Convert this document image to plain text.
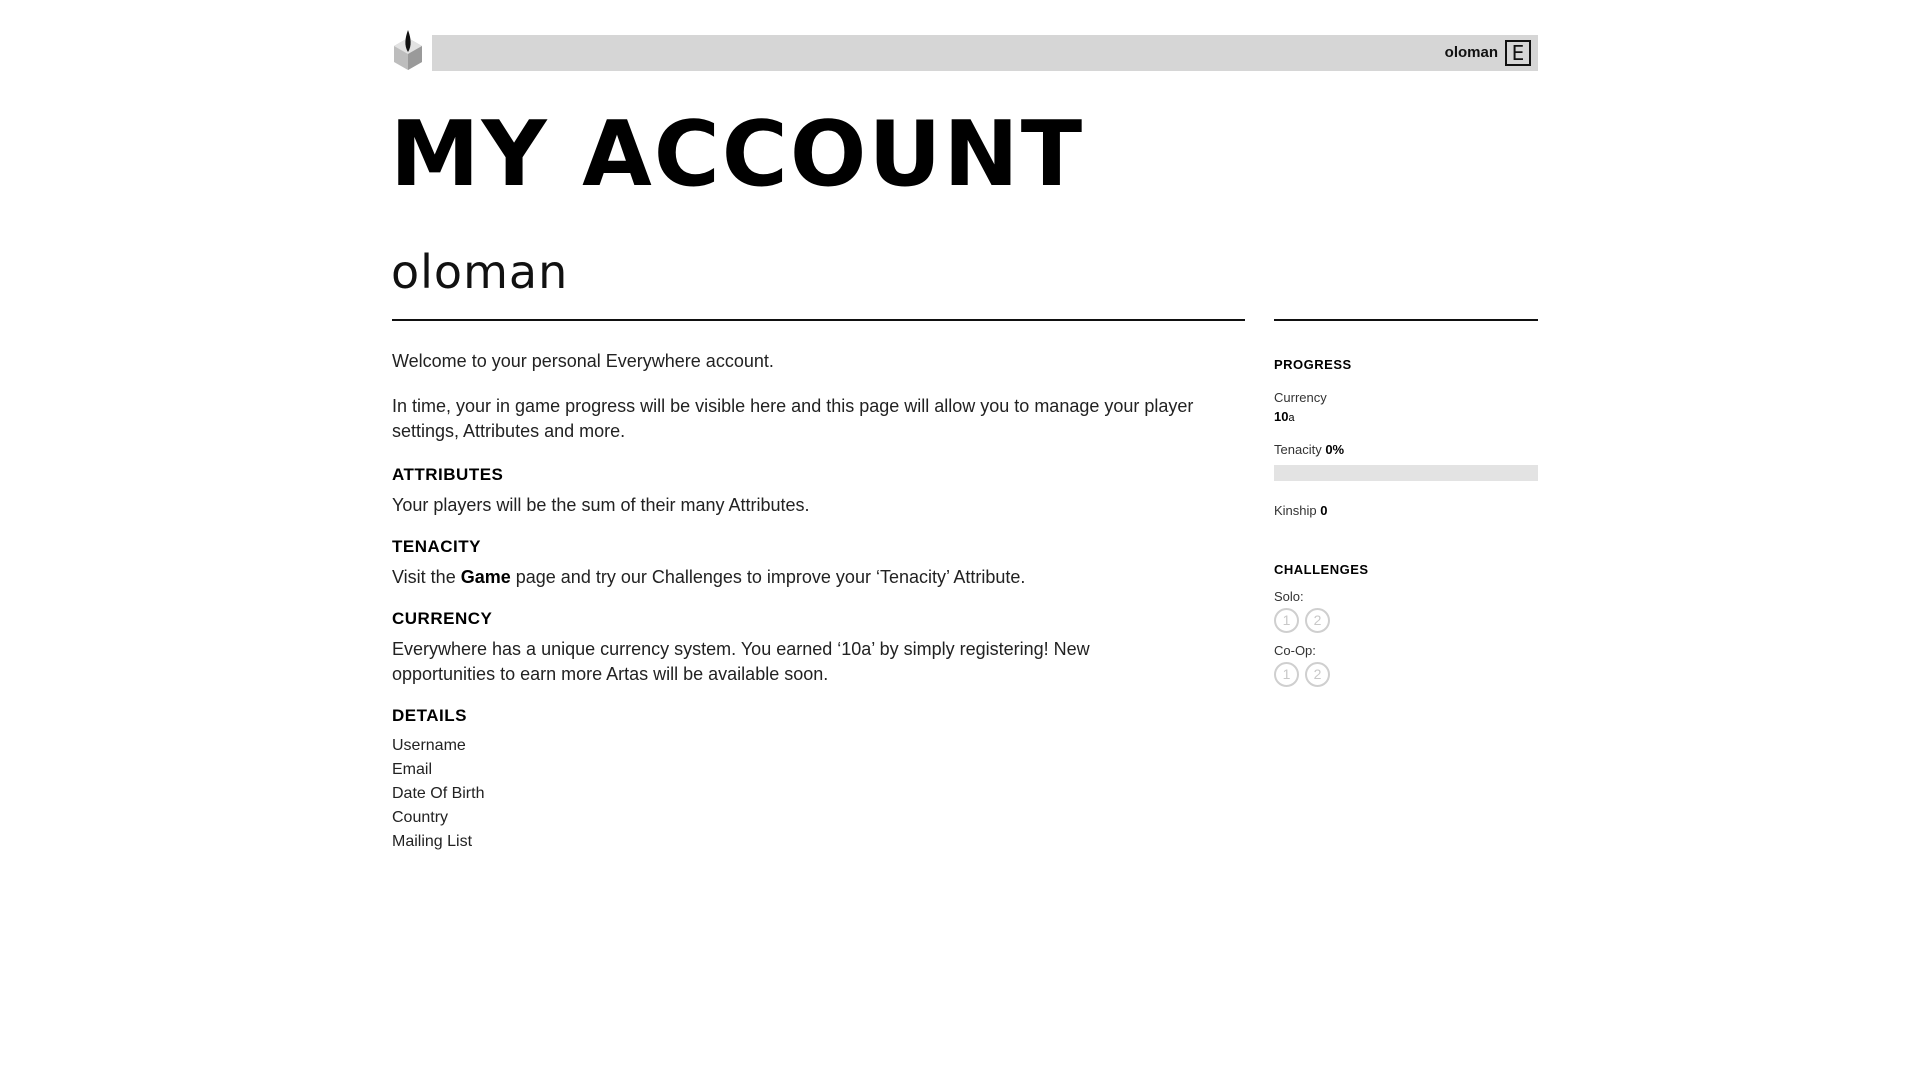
oloman E
MY ACCOUNT
oloman

Welcome to your personal Everywhere account.

In time, your in game progress will be visible here and this page will allow you to manage your player settings, Attributes and more.

ATTRIBUTES

Your players will be the sum of their many Attributes.

TENACITY

Visit the Game page and try our Challenges to improve your ‘Tenacity’ Attribute.

CURRENCY

Everywhere has a unique currency system. You earned ‘10a’ by simply registering! New opportunities to earn more Artas will be available soon.

DETAILS
Username
Email
Date Of Birth
Country
Mailing List
PROGRESS
Currency
10a
Tenacity 0%
Kinship 0
CHALLENGES
Solo:
1	2
Co-Op:
1	2
